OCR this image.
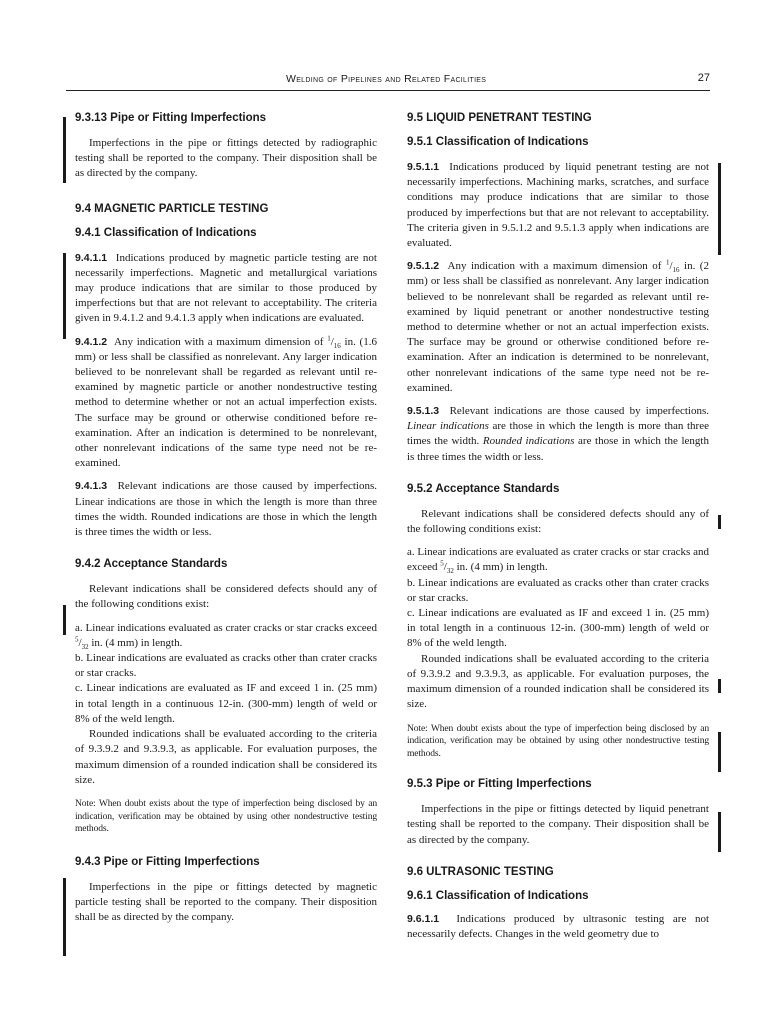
Welding of Pipelines and Related Facilities	27
9.3.13 Pipe or Fitting Imperfections

Imperfections in the pipe or fittings detected by radiographic testing shall be reported to the company. Their disposition shall be as directed by the company.

9.4 MAGNETIC PARTICLE TESTING
9.4.1 Classification of Indications

9.4.1.1 Indications produced by magnetic particle testing are not necessarily imperfections. Magnetic and metallurgical variations may produce indications that are similar to those produced by imperfections but that are not relevant to acceptability. The criteria given in 9.4.1.2 and 9.4.1.3 apply when indications are evaluated.

9.4.1.2 Any indication with a maximum dimension of $^1/_{16}$ in. (1.6 mm) or less shall be classified as nonrelevant. Any larger indication believed to be nonrelevant shall be regarded as relevant until re-examined by magnetic particle or another nondestructive testing method to determine whether or not an actual imperfection exists. The surface may be ground or otherwise conditioned before re-examination. After an indication is determined to be nonrelevant, other nonrelevant indications of the same type need not be re-examined.

9.4.1.3 Relevant indications are those caused by imperfections. Linear indications are those in which the length is more than three times the width. Rounded indications are those in which the length is three times the width or less.

9.4.2 Acceptance Standards

Relevant indications shall be considered defects should any of the following conditions exist:

a. Linear indications evaluated as crater cracks or star cracks exceed $^5/_{32}$ in. (4 mm) in length.

b. Linear indications are evaluated as cracks other than crater cracks or star cracks.

c. Linear indications are evaluated as IF and exceed 1 in. (25 mm) in total length in a continuous 12-in. (300-mm) length of weld or 8% of the weld length.

Rounded indications shall be evaluated according to the criteria of 9.3.9.2 and 9.3.9.3, as applicable. For evaluation purposes, the maximum dimension of a rounded indication shall be considered its size.

Note: When doubt exists about the type of imperfection being disclosed by an indication, verification may be obtained by using other nondestructive testing methods.

9.4.3 Pipe or Fitting Imperfections

Imperfections in the pipe or fittings detected by magnetic particle testing shall be reported to the company. Their disposition shall be as directed by the company.

9.5 LIQUID PENETRANT TESTING
9.5.1 Classification of Indications

9.5.1.1 Indications produced by liquid penetrant testing are not necessarily imperfections. Machining marks, scratches, and surface conditions may produce indications that are similar to those produced by imperfections but that are not relevant to acceptability. The criteria given in 9.5.1.2 and 9.5.1.3 apply when indications are evaluated.

9.5.1.2 Any indication with a maximum dimension of $^1/_{16}$ in. (2 mm) or less shall be classified as nonrelevant. Any larger indication believed to be nonrelevant shall be regarded as relevant until re-examined by liquid penetrant or another nondestructive testing method to determine whether or not an actual imperfection exists. The surface may be ground or otherwise conditioned before re-examination. After an indication is determined to be nonrelevant, other nonrelevant indications of the same type need not be re-examined.

9.5.1.3 Relevant indications are those caused by imperfections. Linear indications are those in which the length is more than three times the width. Rounded indications are those in which the length is three times the width or less.

9.5.2 Acceptance Standards

Relevant indications shall be considered defects should any of the following conditions exist:

a. Linear indications are evaluated as crater cracks or star cracks and exceed $^5/_{32}$ in. (4 mm) in length.

b. Linear indications are evaluated as cracks other than crater cracks or star cracks.

c. Linear indications are evaluated as IF and exceed 1 in. (25 mm) in total length in a continuous 12-in. (300-mm) length of weld or 8% of the weld length.

Rounded indications shall be evaluated according to the criteria of 9.3.9.2 and 9.3.9.3, as applicable. For evaluation purposes, the maximum dimension of a rounded indication shall be considered its size.

Note: When doubt exists about the type of imperfection being disclosed by an indication, verification may be obtained by using other nondestructive testing methods.

9.5.3 Pipe or Fitting Imperfections

Imperfections in the pipe or fittings detected by liquid penetrant testing shall be reported to the company. Their disposition shall be as directed by the company.

9.6 ULTRASONIC TESTING
9.6.1 Classification of Indications

9.6.1.1 Indications produced by ultrasonic testing are not necessarily defects. Changes in the weld geometry due to
